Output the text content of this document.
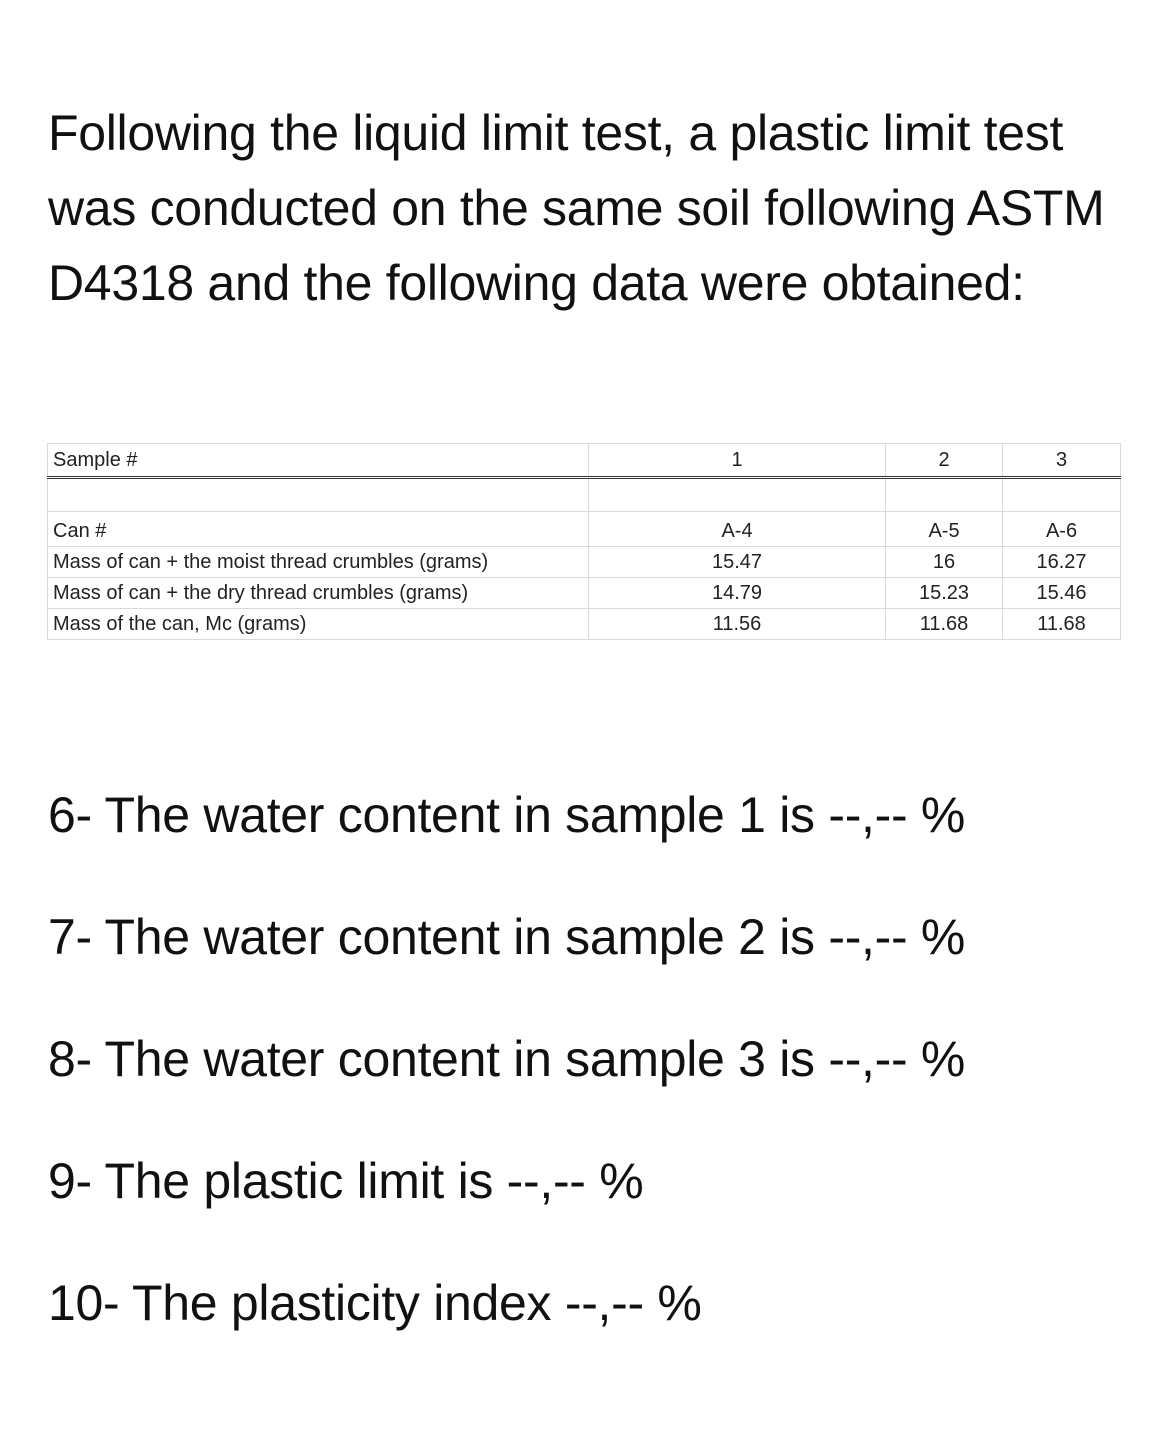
Following the liquid limit test, a plastic limit test was conducted on the same soil following ASTM D4318 and the following data were obtained:

Sample #	1	2	3

Can #	A-4	A-5	A-6
Mass of can + the moist thread crumbles (grams)	15.47	16	16.27
Mass of can + the dry thread crumbles (grams)	14.79	15.23	15.46
Mass of the can, Mc (grams)	11.56	11.68	11.68
6- The water content in sample 1 is --,-- %
7- The water content in sample 2 is --,-- %
8- The water content in sample 3 is --,-- %
9- The plastic limit is --,-- %
10- The plasticity index --,-- %
